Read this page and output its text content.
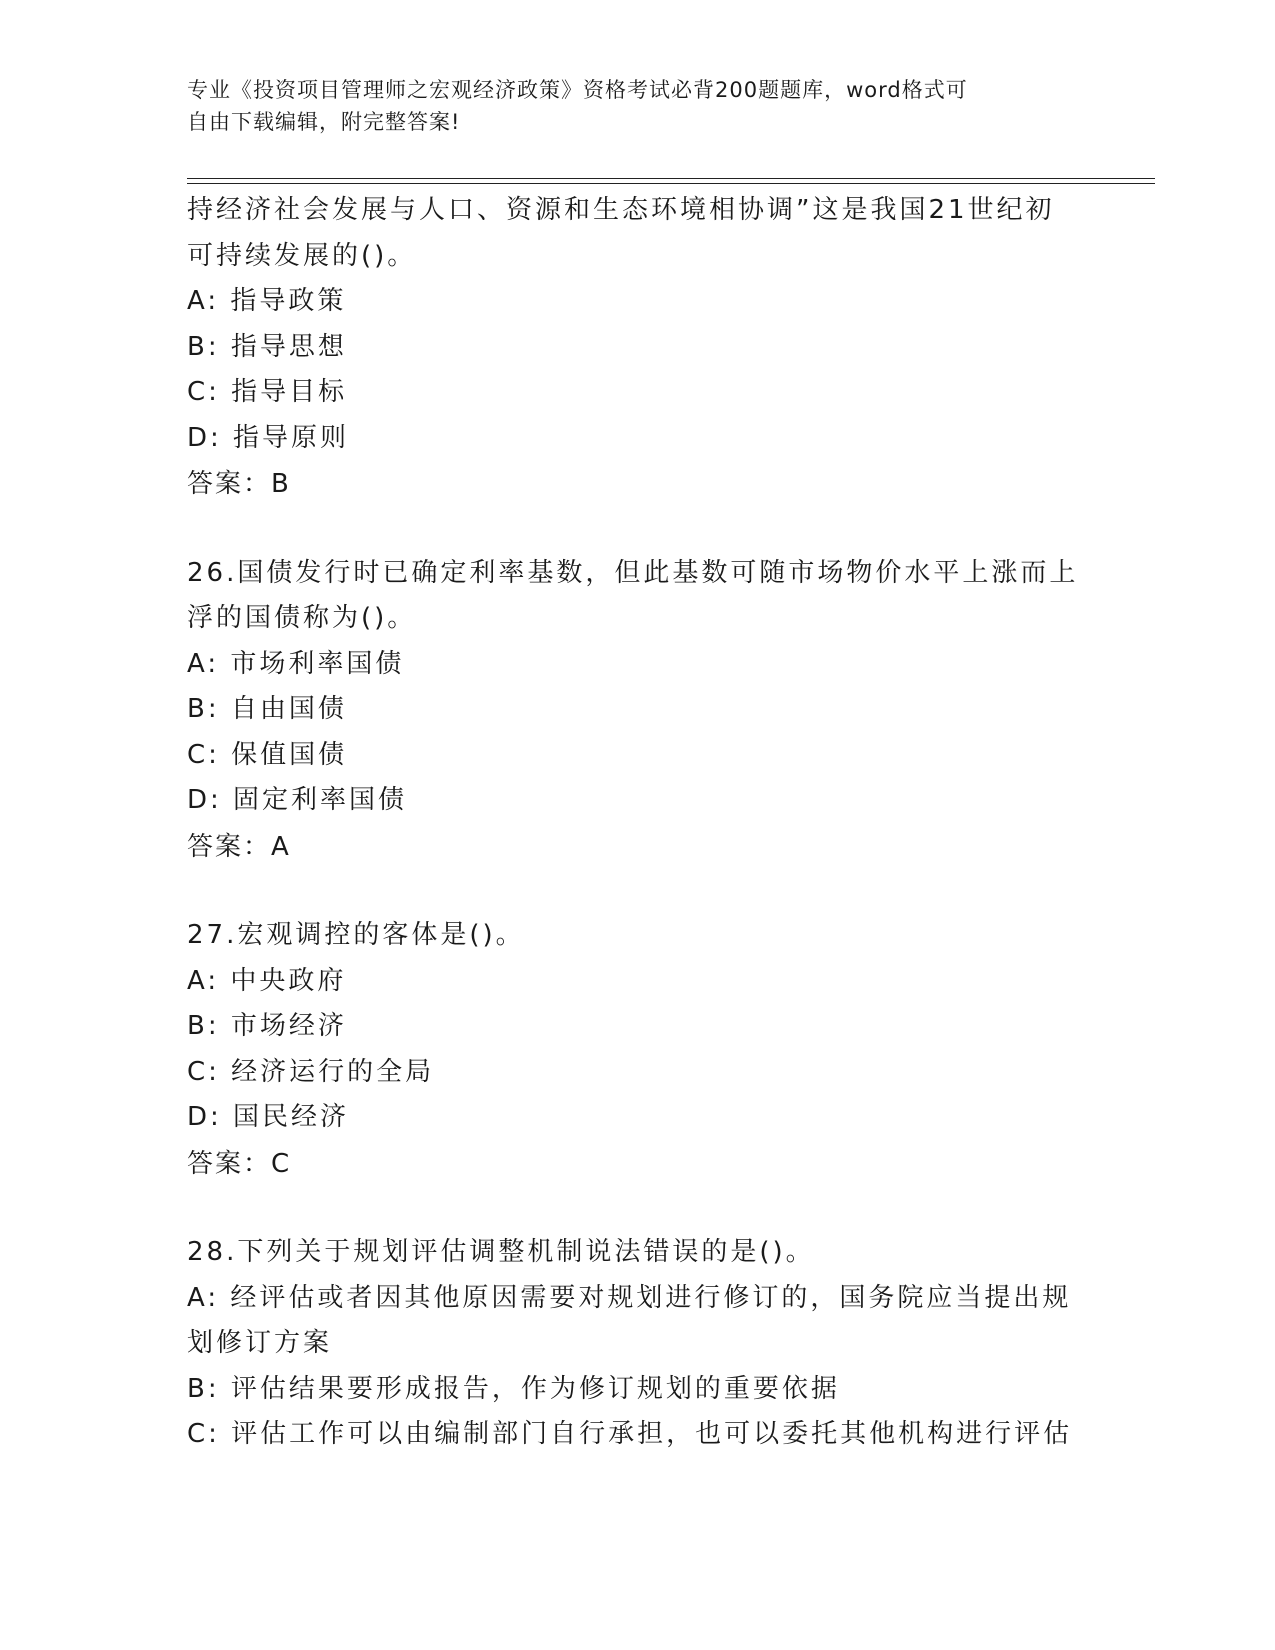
专业《投资项目管理师之宏观经济政策》资格考试必背200题题库，word格式可
自由下载编辑，附完整答案!
持经济社会发展与人口、资源和生态环境相协调”这是我国21世纪初
可持续发展的()。
A: 指导政策
B: 指导思想
C: 指导目标
D: 指导原则
答案：B
26.国债发行时已确定利率基数，但此基数可随市场物价水平上涨而上
浮的国债称为()。
A: 市场利率国债
B: 自由国债
C: 保值国债
D: 固定利率国债
答案：A
27.宏观调控的客体是()。
A: 中央政府
B: 市场经济
C: 经济运行的全局
D: 国民经济
答案：C
28.下列关于规划评估调整机制说法错误的是()。
A: 经评估或者因其他原因需要对规划进行修订的，国务院应当提出规
划修订方案
B: 评估结果要形成报告，作为修订规划的重要依据
C: 评估工作可以由编制部门自行承担，也可以委托其他机构进行评估
